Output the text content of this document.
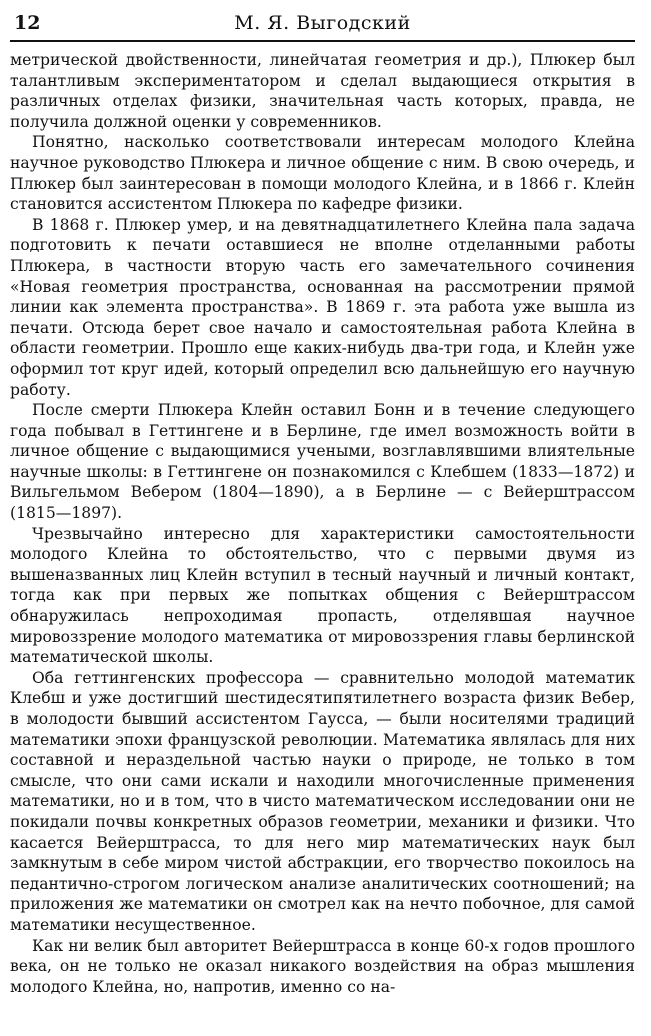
12	М. Я. Выгодский

метрической двойственности, линейчатая геометрия и др.), Плюкер был талантливым экспериментатором и сделал выдающиеся открытия в различных отделах физики, значительная часть которых, правда, не получила должной оценки у современников.

Понятно, насколько соответствовали интересам молодого Клейна научное руководство Плюкера и личное общение с ним. В свою очередь, и Плюкер был заинтересован в помощи молодого Клейна, и в 1866 г. Клейн становится ассистентом Плюкера по кафедре физики.

В 1868 г. Плюкер умер, и на девятнадцатилетнего Клейна пала задача подготовить к печати оставшиеся не вполне отделанными работы Плюкера, в частности вторую часть его замечательного сочинения «Новая геометрия пространства, основанная на рассмотрении прямой линии как элемента пространства». В 1869 г. эта работа уже вышла из печати. Отсюда берет свое начало и самостоятельная работа Клейна в области геометрии. Прошло еще каких-нибудь два-три года, и Клейн уже оформил тот круг идей, который определил всю дальнейшую его научную работу.

После смерти Плюкера Клейн оставил Бонн и в течение следующего года побывал в Геттингене и в Берлине, где имел возможность войти в личное общение с выдающимися учеными, возглавлявшими влиятельные научные школы: в Геттингене он познакомился с Клебшем (1833—1872) и Вильгельмом Вебером (1804—1890), а в Берлине — с Вейерштрассом (1815—1897).

Чрезвычайно интересно для характеристики самостоятельности молодого Клейна то обстоятельство, что с первыми двумя из вышеназванных лиц Клейн вступил в тесный научный и личный контакт, тогда как при первых же попытках общения с Вейерштрассом обнаружилась непроходимая пропасть, отделявшая научное мировоззрение молодого математика от мировоззрения главы берлинской математической школы.

Оба геттингенских профессора — сравнительно молодой математик Клебш и уже достигший шестидесятипятилетнего возраста физик Вебер, в молодости бывший ассистентом Гаусса, — были носителями традиций математики эпохи французской революции. Математика являлась для них составной и нераздельной частью науки о природе, не только в том смысле, что они сами искали и находили многочисленные применения математики, но и в том, что в чисто математическом исследовании они не покидали почвы конкретных образов геометрии, механики и физики. Что касается Вейерштрасса, то для него мир математических наук был замкнутым в себе миром чистой абстракции, его творчество покоилось на педантично-строгом логическом анализе аналитических соотношений; на приложения же математики он смотрел как на нечто побочное, для самой математики несущественное.

Как ни велик был авторитет Вейерштрасса в конце 60-х годов прошлого века, он не только не оказал никакого воздействия на образ мышления молодого Клейна, но, напротив, именно со на-
